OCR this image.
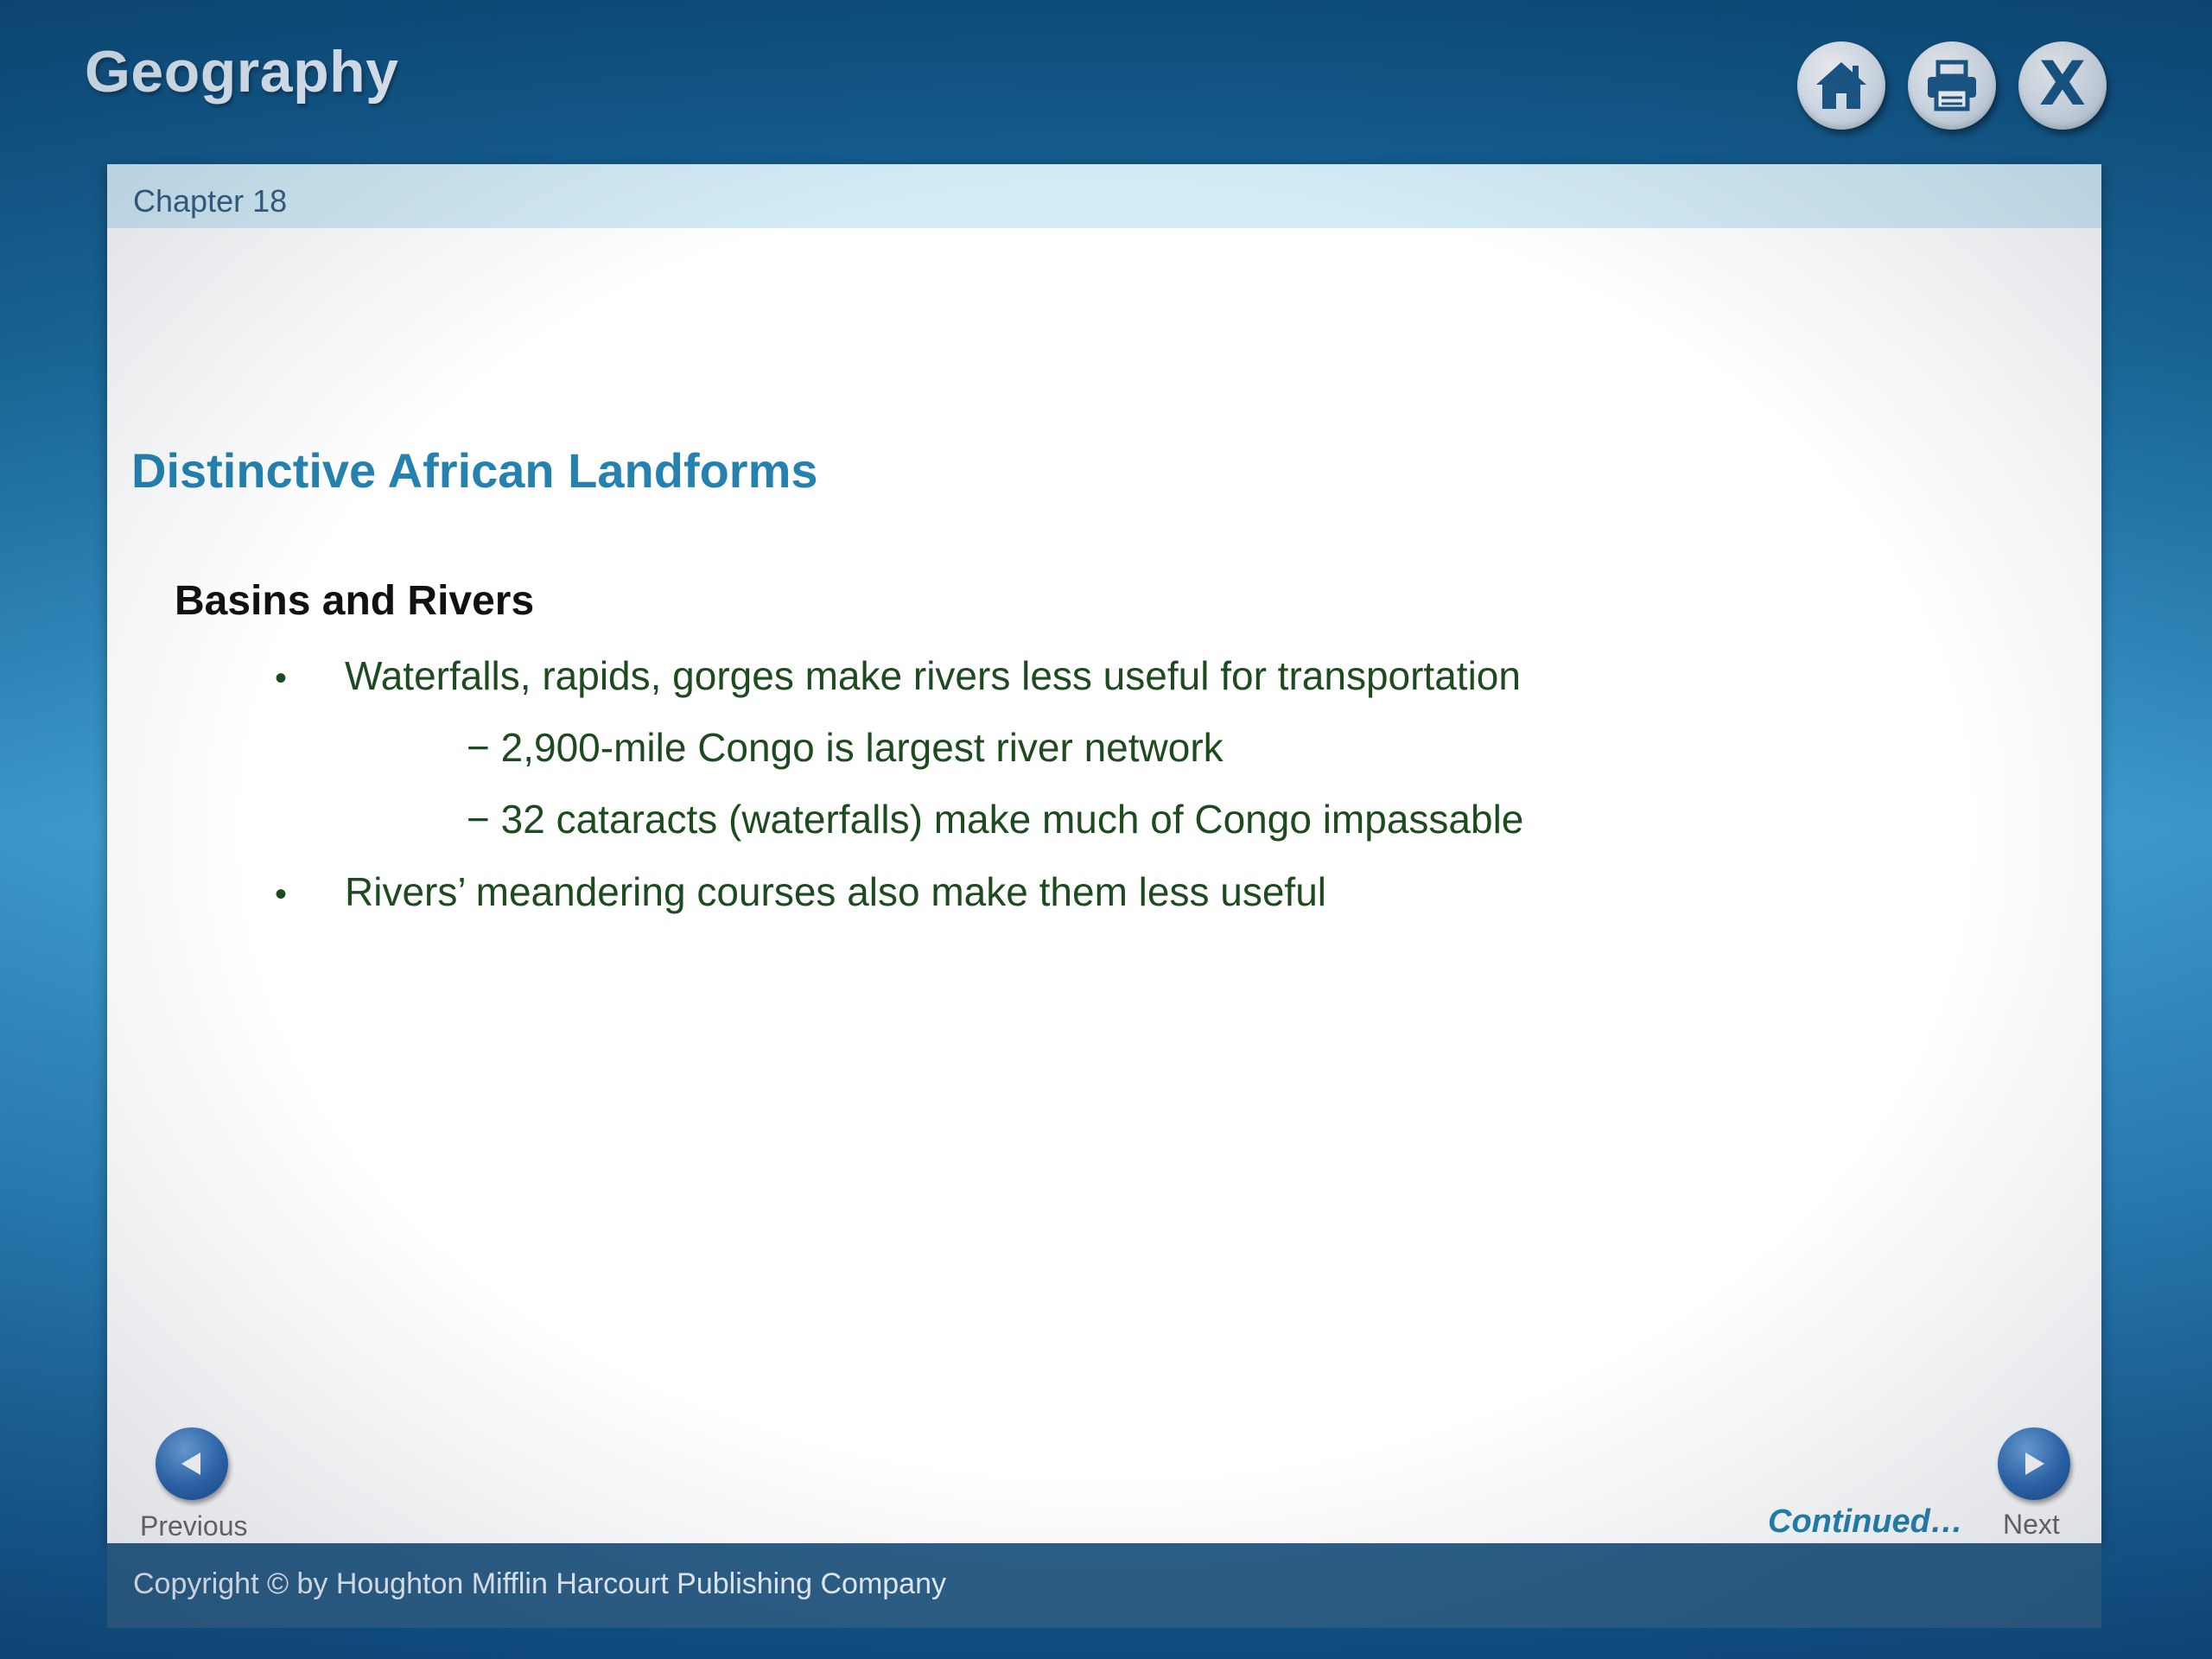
Geography	X
Chapter 18
Distinctive African Landforms
Basins and Rivers
• Waterfalls, rapids, gorges make rivers less useful for transportation
− 2,900-mile Congo is largest river network
− 32 cataracts (waterfalls) make much of Congo impassable
• Rivers’ meandering courses also make them less useful
Previous	Continued… Next
Copyright © by Houghton Mifflin Harcourt Publishing Company
